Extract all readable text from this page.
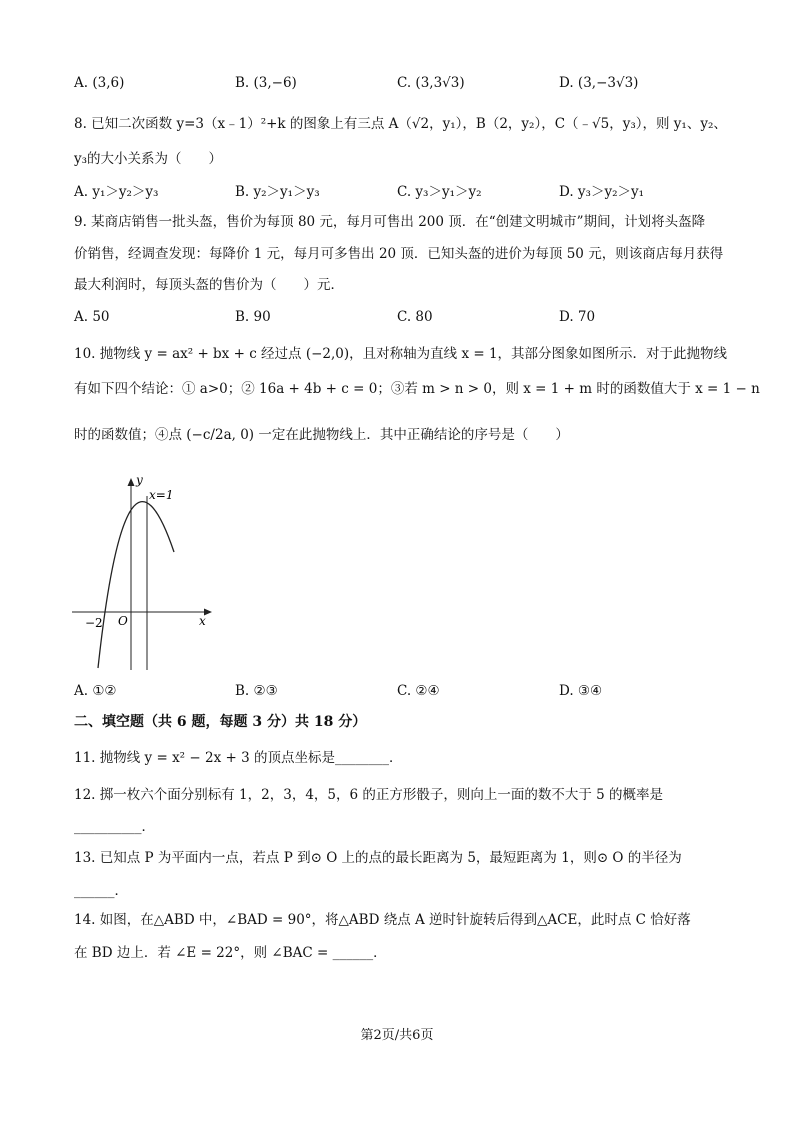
A. (3,6)	B. (3,−6)	C. (3,3√3)	D. (3,−3√3)
8. 已知二次函数 y=3（x﹣1）²+k 的图象上有三点 A（√2，y₁），B（2，y₂），C（﹣√5，y₃），则 y₁、y₂、
y₃的大小关系为（　　）
A. y₁＞y₂＞y₃	B. y₂＞y₁＞y₃	C. y₃＞y₁＞y₂	D. y₃＞y₂＞y₁
9. 某商店销售一批头盔，售价为每顶 80 元，每月可售出 200 顶．在“创建文明城市”期间，计划将头盔降
价销售，经调查发现：每降价 1 元，每月可多售出 20 顶．已知头盔的进价为每顶 50 元，则该商店每月获得
最大利润时，每顶头盔的售价为（　　）元．
A. 50	B. 90	C. 80	D. 70
10. 抛物线 y = ax² + bx + c 经过点 (−2,0)，且对称轴为直线 x = 1，其部分图象如图所示．对于此抛物线
有如下四个结论：① a>0；② 16a + 4b + c = 0；③若 m > n > 0，则 x = 1 + m 时的函数值大于 x = 1 − n
时的函数值；④点 (−c/2a, 0) 一定在此抛物线上．其中正确结论的序号是（　　）
y
x=1
O
−2	x
A. ①②	B. ②③	C. ②④	D. ③④
二、填空题（共 6 题，每题 3 分）共 18 分）
11. 抛物线 y = x² − 2x + 3 的顶点坐标是________．
12. 掷一枚六个面分别标有 1，2，3，4，5，6 的正方形骰子，则向上一面的数不大于 5 的概率是
__________．
13. 已知点 P 为平面内一点，若点 P 到⊙ O 上的点的最长距离为 5，最短距离为 1，则⊙ O 的半径为
______．
14. 如图，在△ABD 中，∠BAD = 90°，将△ABD 绕点 A 逆时针旋转后得到△ACE，此时点 C 恰好落
在 BD 边上．若 ∠E = 22°，则 ∠BAC = ______．
第2页/共6页
